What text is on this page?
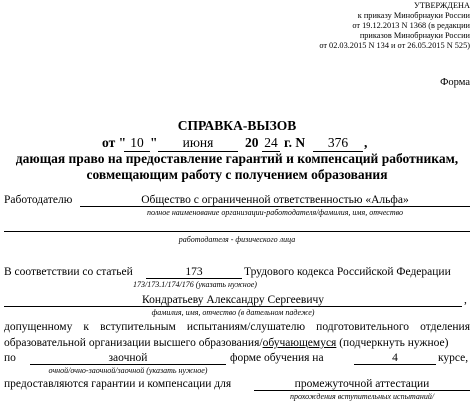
УТВЕРЖДЕНА
к приказу Минобрнауки России
от 19.12.2013 N 1368 (в редакции
приказов Минобрнауки России
от 02.03.2015 N 134 и от 26.05.2015 N 525)
Форма
СПРАВКА-ВЫЗОВ
от " 10 "	июня	20 24 г. N	376	,
дающая право на предоставление гарантий и компенсаций работникам,
совмещающим работу с получением образования
Работодателю	Общество с ограниченной ответственностью «Альфа»
полное наименование организации-работодателя/фамилия, имя, отчество
работодателя - физического лица
В соответствии со статьей	173	Трудового кодекса Российской Федерации
173/173.1/174/176 (указать нужное)
Кондратьеву Александру Сергеевичу	,
фамилия, имя, отчество (в дательном падеже)
допущенному к вступительным испытаниям/слушателю подготовительного отделения
образовательной организации высшего образования/обучающемуся (подчеркнуть нужное)
по	заочной	форме обучения на	4	курсе,
очной/очно-заочной/заочной (указать нужное)
предоставляются гарантии и компенсации для	промежуточной аттестации
прохождения вступительных испытаний/
